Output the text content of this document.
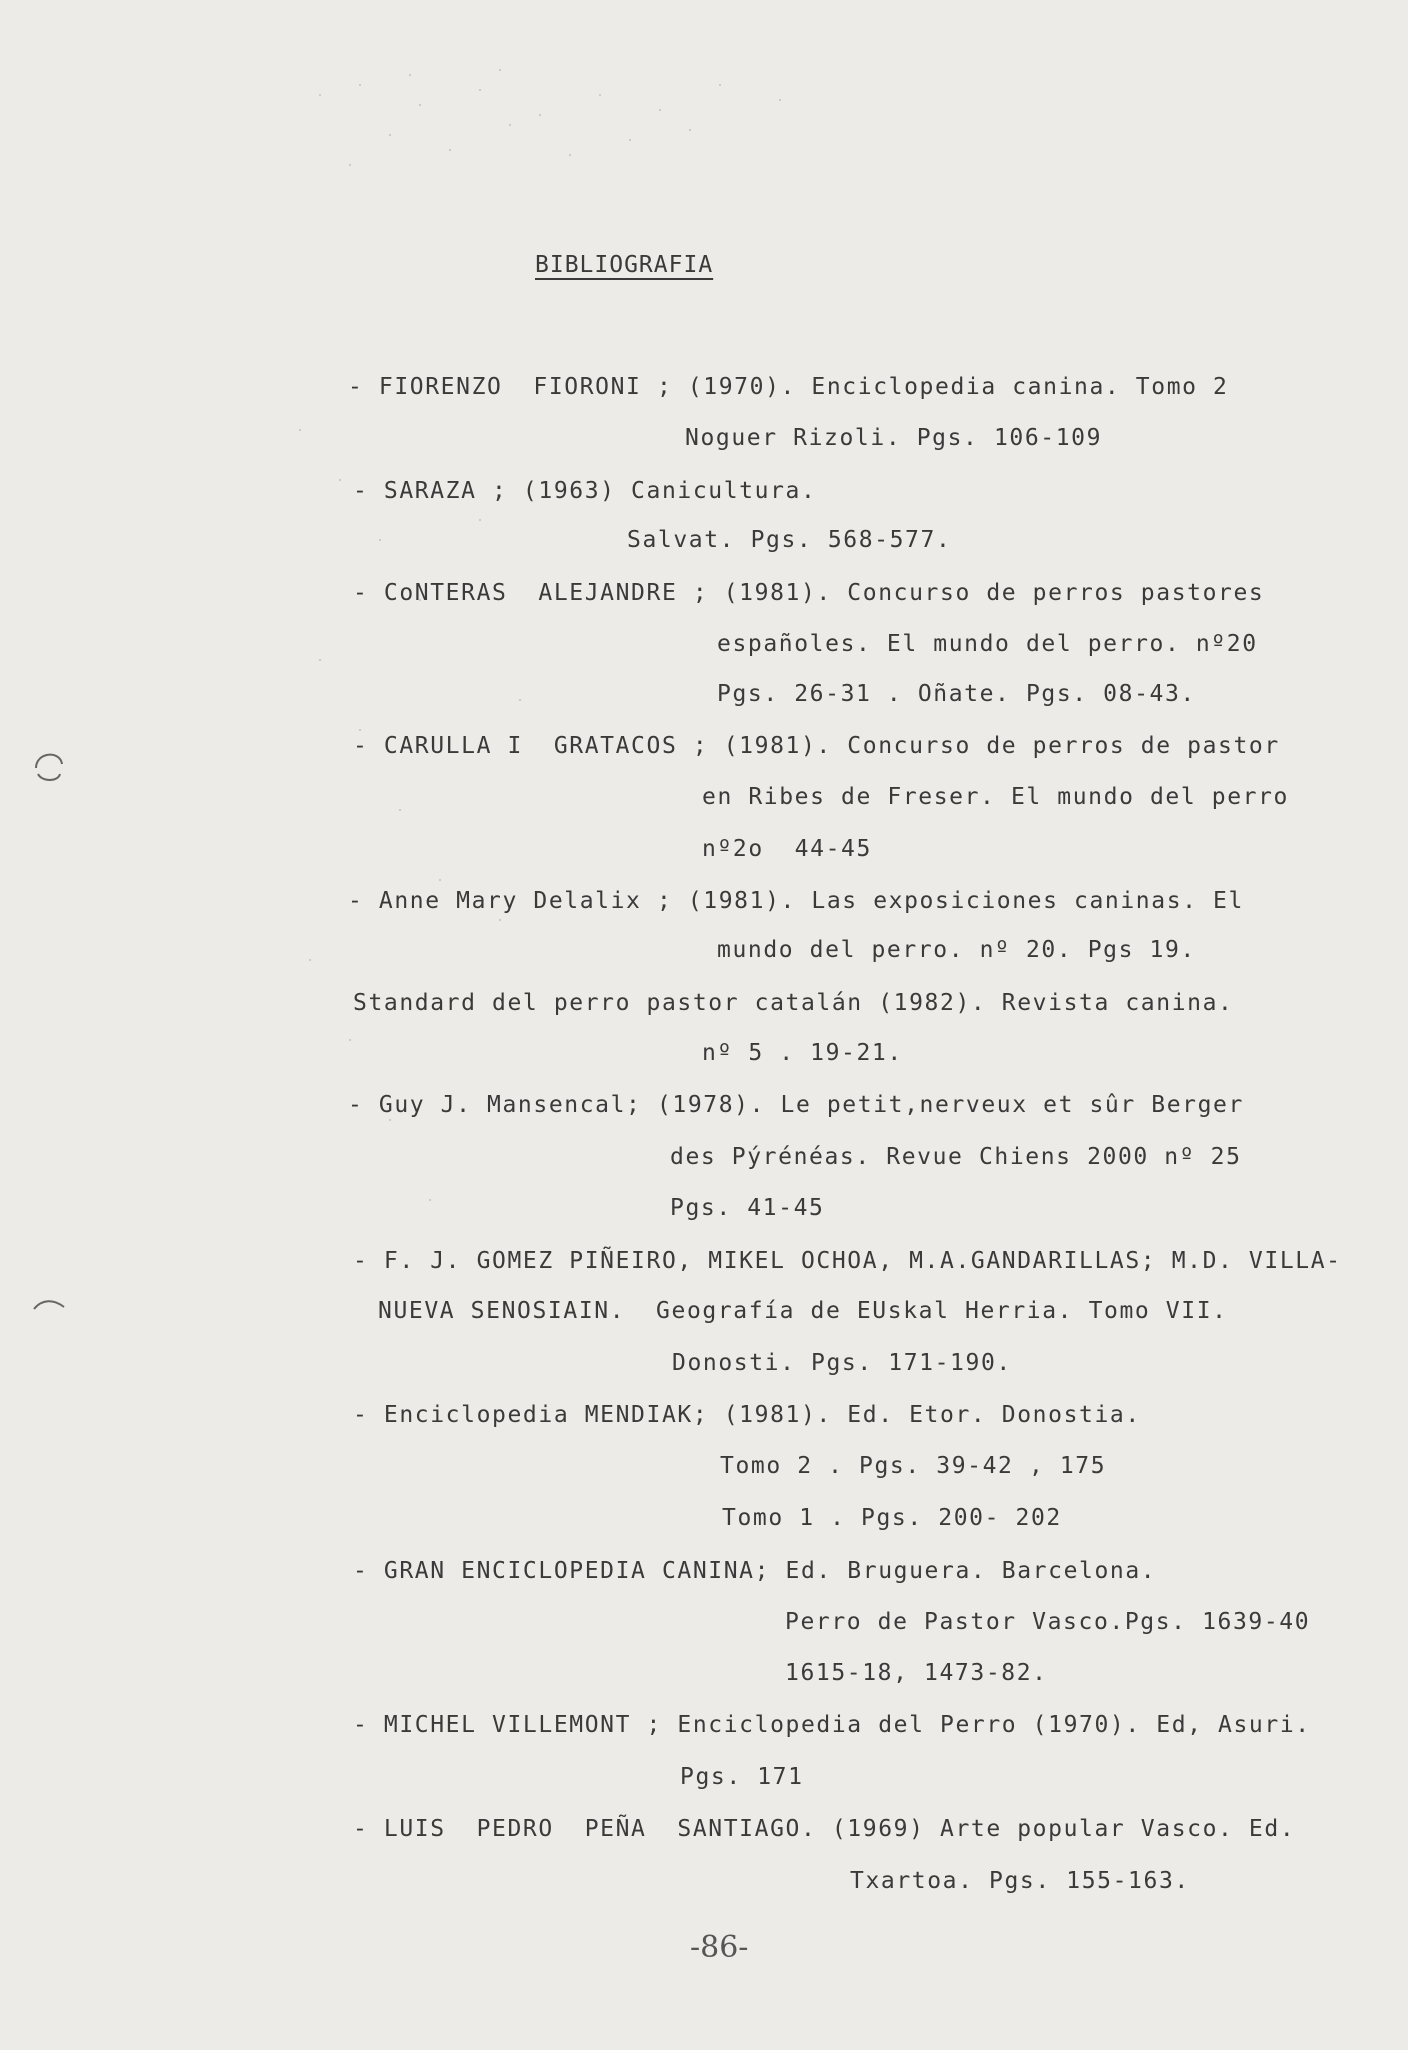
BIBLIOGRAFIA
- FIORENZO  FIORONI ; (1970). Enciclopedia canina. Tomo 2
Noguer Rizoli. Pgs. 106-109
- SARAZA ; (1963) Canicultura.
Salvat. Pgs. 568-577.
- CoNTERAS  ALEJANDRE ; (1981). Concurso de perros pastores
españoles. El mundo del perro. nº20
Pgs. 26-31 . Oñate. Pgs. 08-43.
- CARULLA I  GRATACOS ; (1981). Concurso de perros de pastor
en Ribes de Freser. El mundo del perro
nº2o  44-45
- Anne Mary Delalix ; (1981). Las exposiciones caninas. El
mundo del perro. nº 20. Pgs 19.
Standard del perro pastor catalán (1982). Revista canina.
nº 5 . 19-21.
- Guy J. Mansencal; (1978). Le petit,nerveux et sûr Berger
des Pýrénéas. Revue Chiens 2000 nº 25
Pgs. 41-45
- F. J. GOMEZ PIÑEIRO, MIKEL OCHOA, M.A.GANDARILLAS; M.D. VILLA-
NUEVA SENOSIAIN.  Geografía de EUskal Herria. Tomo VII.
Donosti. Pgs. 171-190.
- Enciclopedia MENDIAK; (1981). Ed. Etor. Donostia.
Tomo 2 . Pgs. 39-42 , 175
Tomo 1 . Pgs. 200- 202
- GRAN ENCICLOPEDIA CANINA; Ed. Bruguera. Barcelona.
Perro de Pastor Vasco.Pgs. 1639-40
1615-18, 1473-82.
- MICHEL VILLEMONT ; Enciclopedia del Perro (1970). Ed, Asuri.
Pgs. 171
- LUIS  PEDRO  PEÑA  SANTIAGO. (1969) Arte popular Vasco. Ed.
Txartoa. Pgs. 155-163.
-86-
